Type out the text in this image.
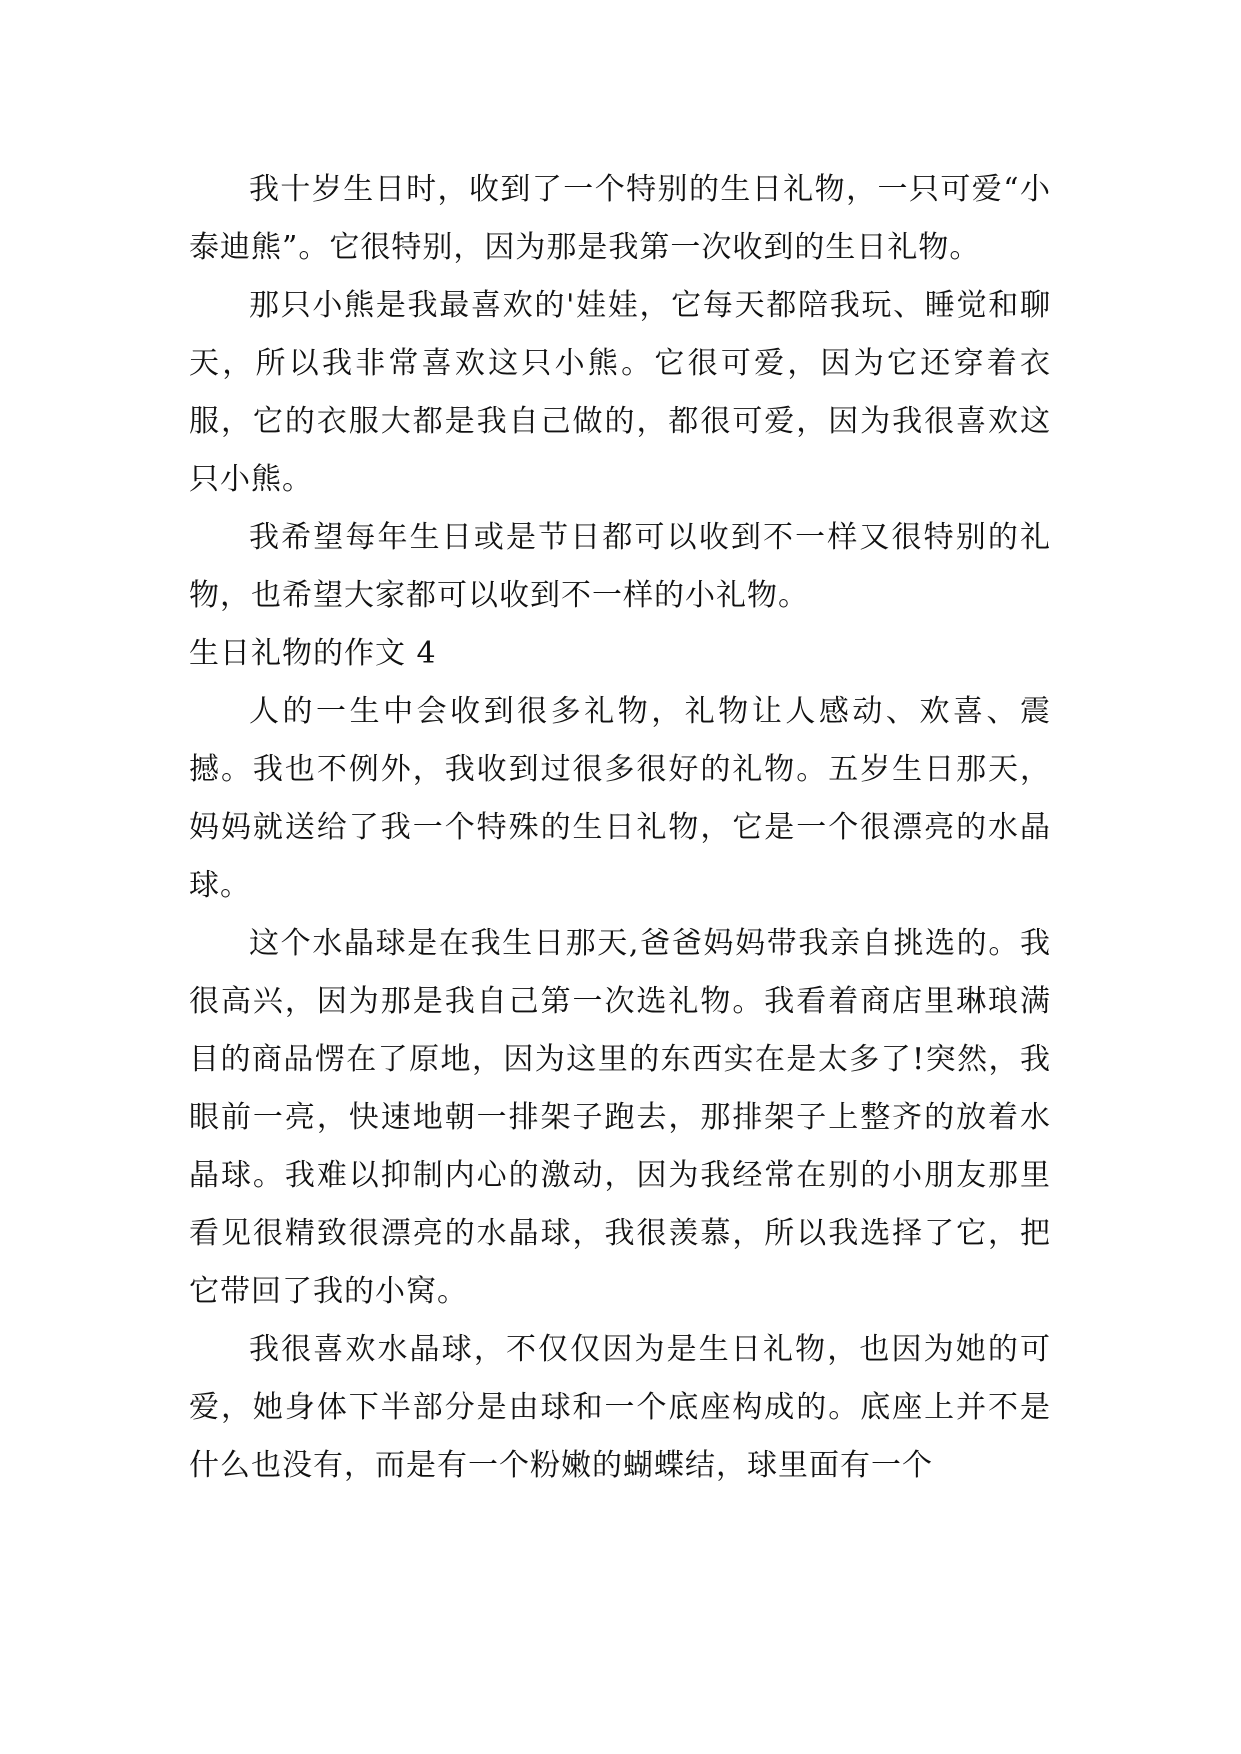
我十岁生日时，收到了一个特别的生日礼物，一只可爱“小泰迪熊”。它很特别，因为那是我第一次收到的生日礼物。

那只小熊是我最喜欢的'娃娃，它每天都陪我玩、睡觉和聊天，所以我非常喜欢这只小熊。它很可爱，因为它还穿着衣服，它的衣服大都是我自己做的，都很可爱，因为我很喜欢这只小熊。

我希望每年生日或是节日都可以收到不一样又很特别的礼物，也希望大家都可以收到不一样的小礼物。

生日礼物的作文 4

人的一生中会收到很多礼物，礼物让人感动、欢喜、震撼。我也不例外，我收到过很多很好的礼物。五岁生日那天，妈妈就送给了我一个特殊的生日礼物，它是一个很漂亮的水晶球。

这个水晶球是在我生日那天,爸爸妈妈带我亲自挑选的。我很高兴，因为那是我自己第一次选礼物。我看着商店里琳琅满目的商品愣在了原地，因为这里的东西实在是太多了!突然，我眼前一亮，快速地朝一排架子跑去，那排架子上整齐的放着水晶球。我难以抑制内心的激动，因为我经常在别的小朋友那里看见很精致很漂亮的水晶球，我很羡慕，所以我选择了它，把它带回了我的小窝。

我很喜欢水晶球，不仅仅因为是生日礼物，也因为她的可爱，她身体下半部分是由球和一个底座构成的。底座上并不是什么也没有，而是有一个粉嫩的蝴蝶结，球里面有一个
